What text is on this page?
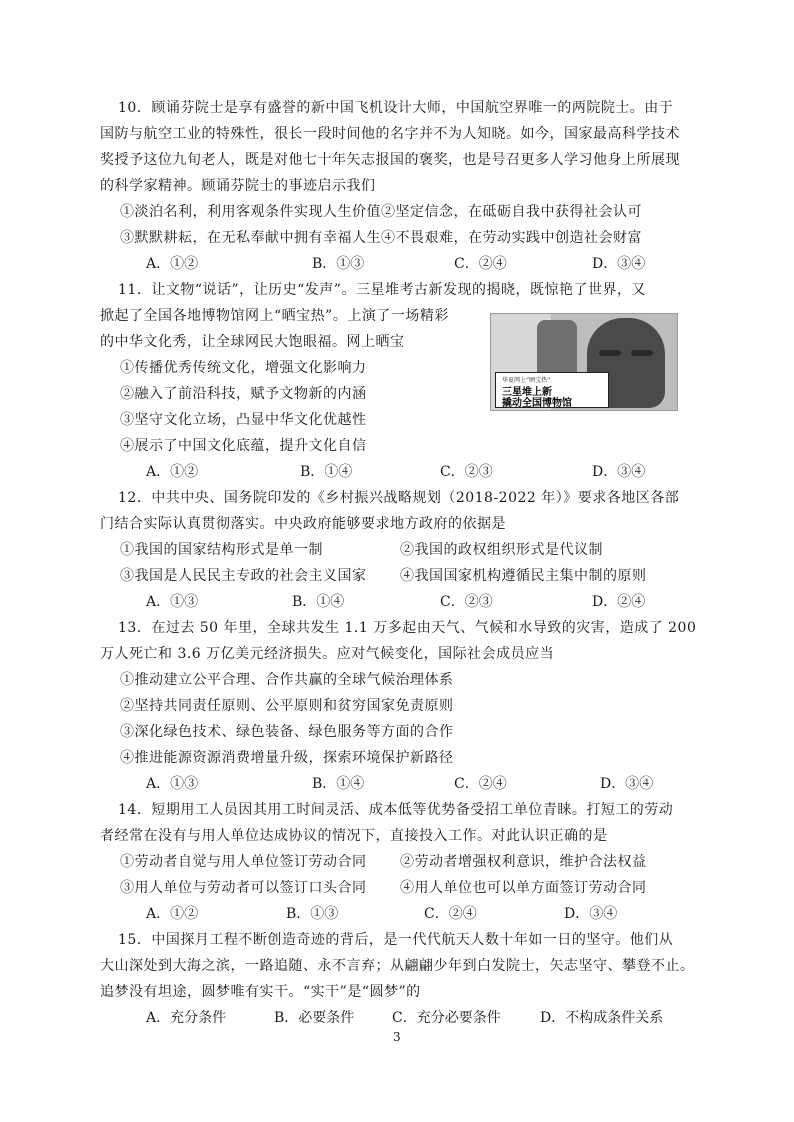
10．顾诵芬院士是享有盛誉的新中国飞机设计大师，中国航空界唯一的两院院士。由于
国防与航空工业的特殊性，很长一段时间他的名字并不为人知晓。如今，国家最高科学技术
奖授予这位九旬老人，既是对他七十年矢志报国的褒奖，也是号召更多人学习他身上所展现
的科学家精神。顾诵芬院士的事迹启示我们
①淡泊名利，利用客观条件实现人生价值②坚定信念，在砥砺自我中获得社会认可
③默默耕耘，在无私奉献中拥有幸福人生④不畏艰难，在劳动实践中创造社会财富
A．①②	B．①③	C．②④	D．③④
11．让文物“说话”，让历史“发声”。三星堆考古新发现的揭晓，既惊艳了世界，又
掀起了全国各地博物馆网上“晒宝热”。上演了一场精彩
的中华文化秀，让全球网民大饱眼福。网上晒宝
①传播优秀传统文化，增强文化影响力
②融入了前沿科技，赋予文物新的内涵
③坚守文化立场，凸显中华文化优越性
④展示了中国文化底蕴，提升文化自信
A．①②	B．①④	C．②③	D．③④
华夏网上“晒宝热”
三星堆上新
撬动全国博物馆
12．中共中央、国务院印发的《乡村振兴战略规划（2018-2022 年）》要求各地区各部
门结合实际认真贯彻落实。中央政府能够要求地方政府的依据是
①我国的国家结构形式是单一制	②我国的政权组织形式是代议制
③我国是人民民主专政的社会主义国家 ④我国国家机构遵循民主集中制的原则
A．①③	B．①④	C．②③	D．②④
13．在过去 50 年里，全球共发生 1.1 万多起由天气、气候和水导致的灾害，造成了 200
万人死亡和 3.6 万亿美元经济损失。应对气候变化，国际社会成员应当
①推动建立公平合理、合作共赢的全球气候治理体系
②坚持共同责任原则、公平原则和贫穷国家免责原则
③深化绿色技术、绿色装备、绿色服务等方面的合作
④推进能源资源消费增量升级，探索环境保护新路径
A．①③	B．①④	C．②④	D．③④
14．短期用工人员因其用工时间灵活、成本低等优势备受招工单位青睐。打短工的劳动
者经常在没有与用人单位达成协议的情况下，直接投入工作。对此认识正确的是
①劳动者自觉与用人单位签订劳动合同 ②劳动者增强权利意识，维护合法权益
③用人单位与劳动者可以签订口头合同 ④用人单位也可以单方面签订劳动合同
A．①②	B．①③	C．②④	D．③④
15．中国探月工程不断创造奇迹的背后，是一代代航天人数十年如一日的坚守。他们从
大山深处到大海之滨，一路追随、永不言弃；从翩翩少年到白发院士，矢志坚守、攀登不止。
追梦没有坦途，圆梦唯有实干。“实干”是“圆梦”的
A．充分条件	B．必要条件	C．充分必要条件	D．不构成条件关系
3
